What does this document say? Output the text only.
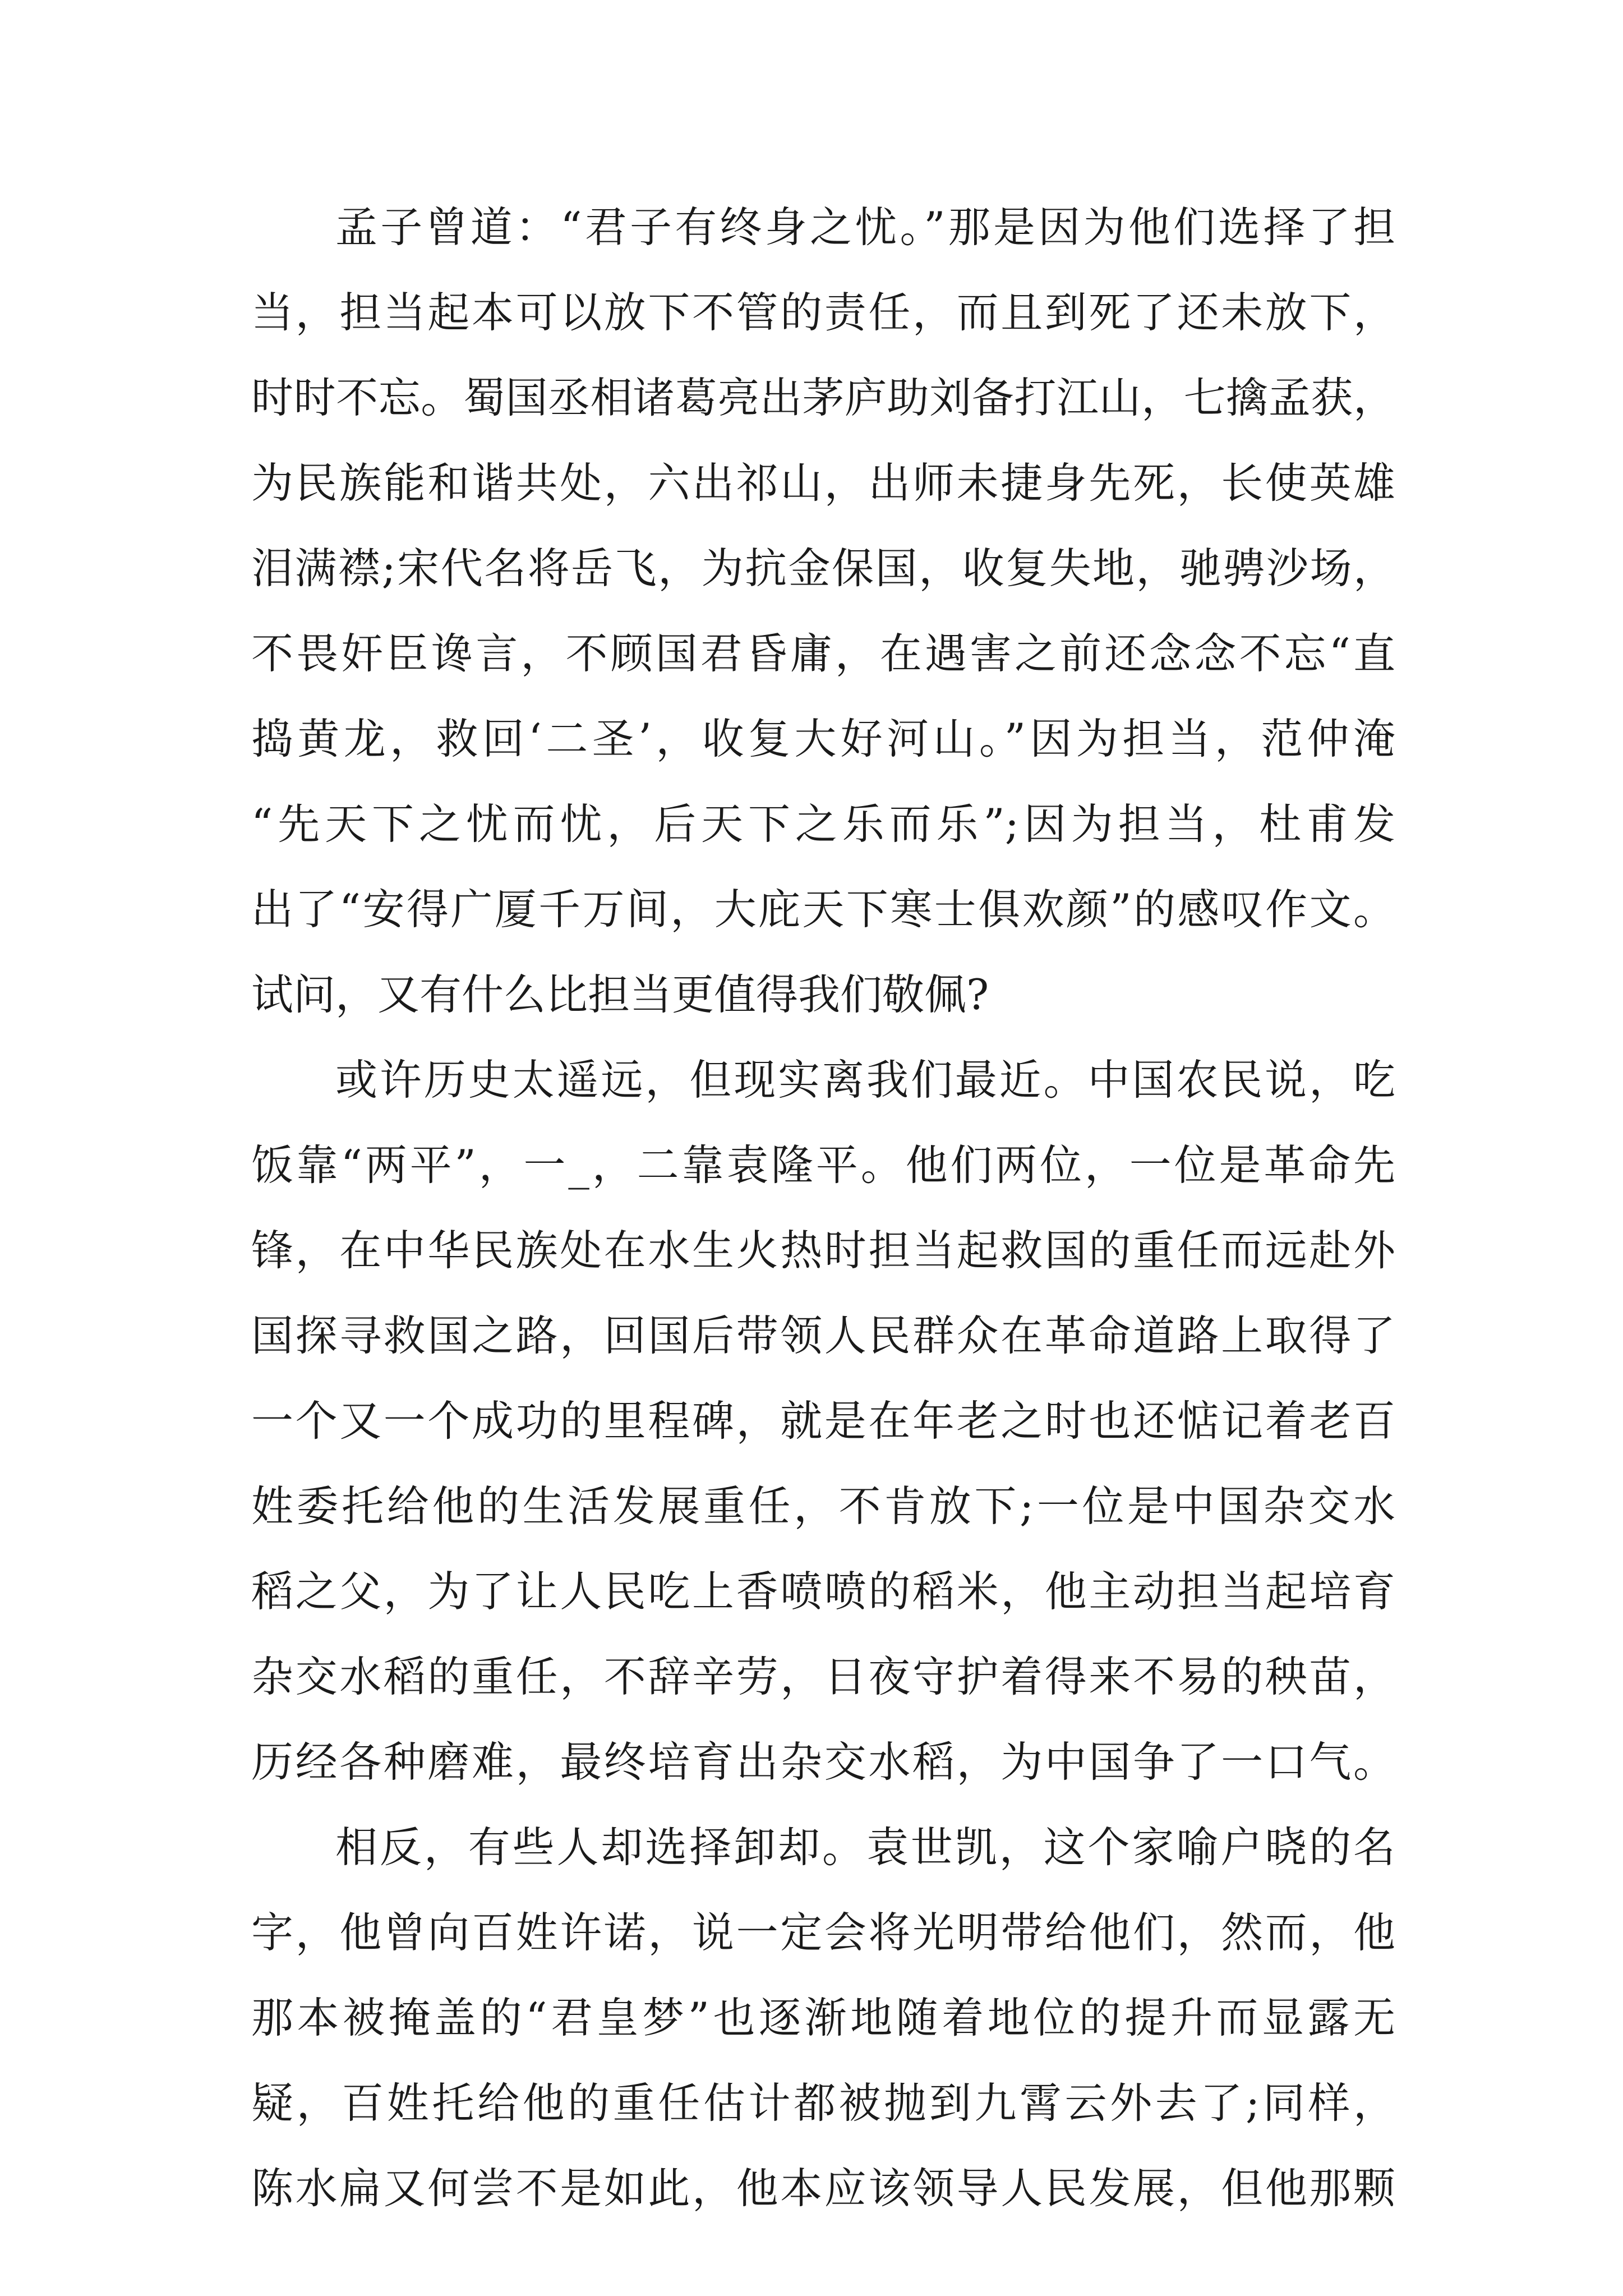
孟子曾道：“君子有终身之忧。”那是因为他们选择了担

当，担当起本可以放下不管的责任，而且到死了还未放下，

时时不忘。蜀国丞相诸葛亮出茅庐助刘备打江山，七擒孟获，

为民族能和谐共处，六出祁山，出师未捷身先死，长使英雄

泪满襟;宋代名将岳飞，为抗金保国，收复失地，驰骋沙场，

不畏奸臣谗言，不顾国君昏庸，在遇害之前还念念不忘“直

捣黄龙，救回‘二圣’，收复大好河山。”因为担当，范仲淹

“先天下之忧而忧，后天下之乐而乐”;因为担当，杜甫发

出了“安得广厦千万间，大庇天下寒士俱欢颜”的感叹作文。

试问，又有什么比担当更值得我们敬佩?

或许历史太遥远，但现实离我们最近。中国农民说，吃

饭靠“两平”，一_，二靠袁隆平。他们两位，一位是革命先

锋，在中华民族处在水生火热时担当起救国的重任而远赴外

国探寻救国之路，回国后带领人民群众在革命道路上取得了

一个又一个成功的里程碑，就是在年老之时也还惦记着老百

姓委托给他的生活发展重任，不肯放下;一位是中国杂交水

稻之父，为了让人民吃上香喷喷的稻米，他主动担当起培育

杂交水稻的重任，不辞辛劳，日夜守护着得来不易的秧苗，

历经各种磨难，最终培育出杂交水稻，为中国争了一口气。

相反，有些人却选择卸却。袁世凯，这个家喻户晓的名

字，他曾向百姓许诺，说一定会将光明带给他们，然而，他

那本被掩盖的“君皇梦”也逐渐地随着地位的提升而显露无

疑，百姓托给他的重任估计都被抛到九霄云外去了;同样，

陈水扁又何尝不是如此，他本应该领导人民发展，但他那颗
